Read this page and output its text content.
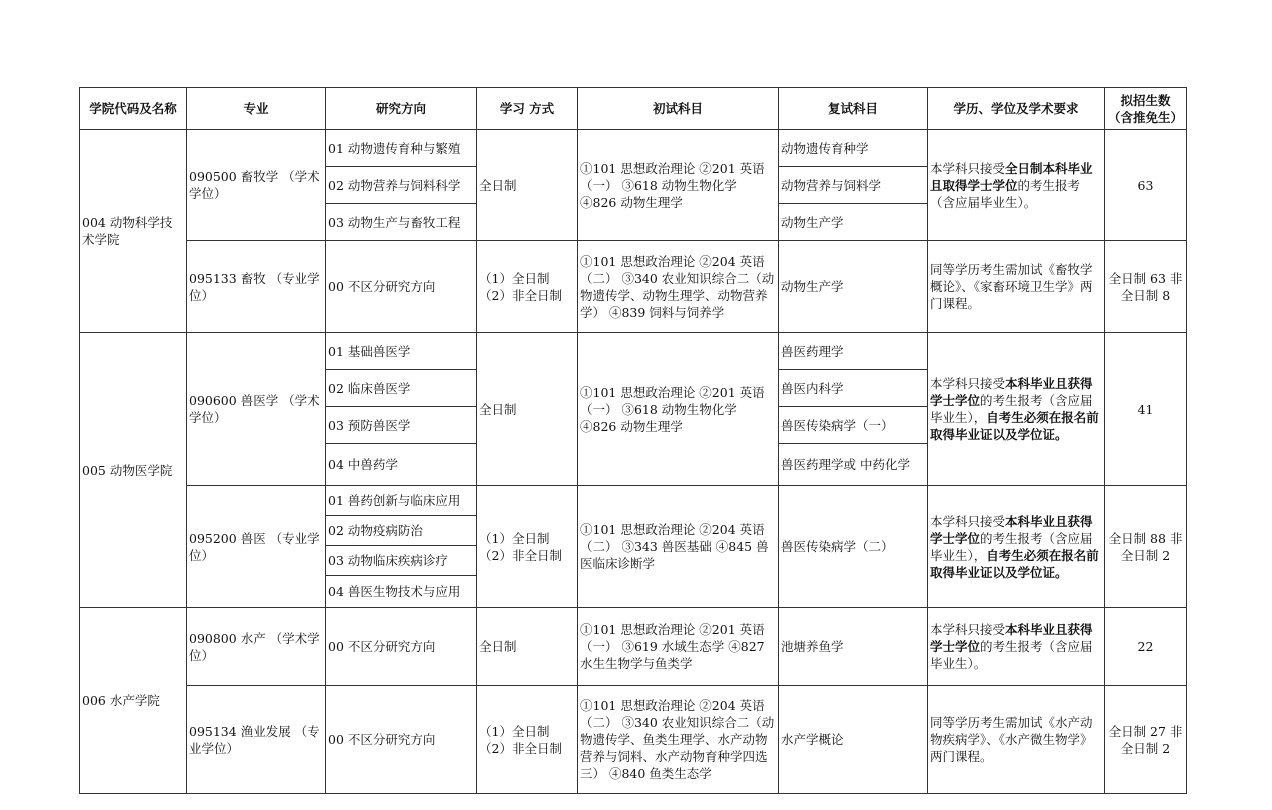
学院代码及名称	专业	研究方向	学习 方式	初试科目	复试科目	学历、学位及学术要求	拟招生数 （含推免生）
004 动物科学技术学院	090500 畜牧学 （学术学位）	01 动物遗传育种与繁殖	全日制	①101 思想政治理论 ②201 英语（一） ③618 动物生物化学 ④826 动物生理学	动物遗传育种学	本学科只接受全日制本科毕业且取得学士学位的考生报考（含应届毕业生）。	63
		02 动物营养与饲料科学			动物营养与饲料学		
		03 动物生产与畜牧工程			动物生产学		
	095133 畜牧 （专业学位）	00 不区分研究方向	（1）全日制 （2）非全日制	①101 思想政治理论 ②204 英语（二） ③340 农业知识综合二（动物遗传学、动物生理学、动物营养学） ④839 饲料与饲养学	动物生产学	同等学历考生需加试《畜牧学概论》、《家畜环境卫生学》两门课程。	全日制 63 非全日制 8
005 动物医学院	090600 兽医学 （学术学位）	01 基础兽医学	全日制	①101 思想政治理论 ②201 英语（一） ③618 动物生物化学 ④826 动物生理学	兽医药理学	本学科只接受本科毕业且获得学士学位的考生报考（含应届毕业生），自考生必须在报名前取得毕业证以及学位证。	41
		02 临床兽医学			兽医内科学		
		03 预防兽医学			兽医传染病学（一）		
		04 中兽药学			兽医药理学或 中药化学		
	095200 兽医 （专业学位）	01 兽药创新与临床应用	（1）全日制 （2）非全日制	①101 思想政治理论 ②204 英语（二） ③343 兽医基础 ④845 兽医临床诊断学	兽医传染病学（二）	本学科只接受本科毕业且获得学士学位的考生报考（含应届毕业生），自考生必须在报名前取得毕业证以及学位证。	全日制 88 非全日制 2
		02 动物疫病防治					
		03 动物临床疾病诊疗					
		04 兽医生物技术与应用					
006 水产学院	090800 水产 （学术学位）	00 不区分研究方向	全日制	①101 思想政治理论 ②201 英语（一） ③619 水域生态学 ④827 水生生物学与鱼类学	池塘养鱼学	本学科只接受本科毕业且获得学士学位的考生报考（含应届毕业生）。	22
	095134 渔业发展 （专业学位）	00 不区分研究方向	（1）全日制 （2）非全日制	①101 思想政治理论 ②204 英语（二） ③340 农业知识综合二（动物遗传学、鱼类生理学、水产动物营养与饲料、水产动物育种学四选三） ④840 鱼类生态学	水产学概论	同等学历考生需加试《水产动物疾病学》、《水产微生物学》两门课程。	全日制 27 非全日制 2
